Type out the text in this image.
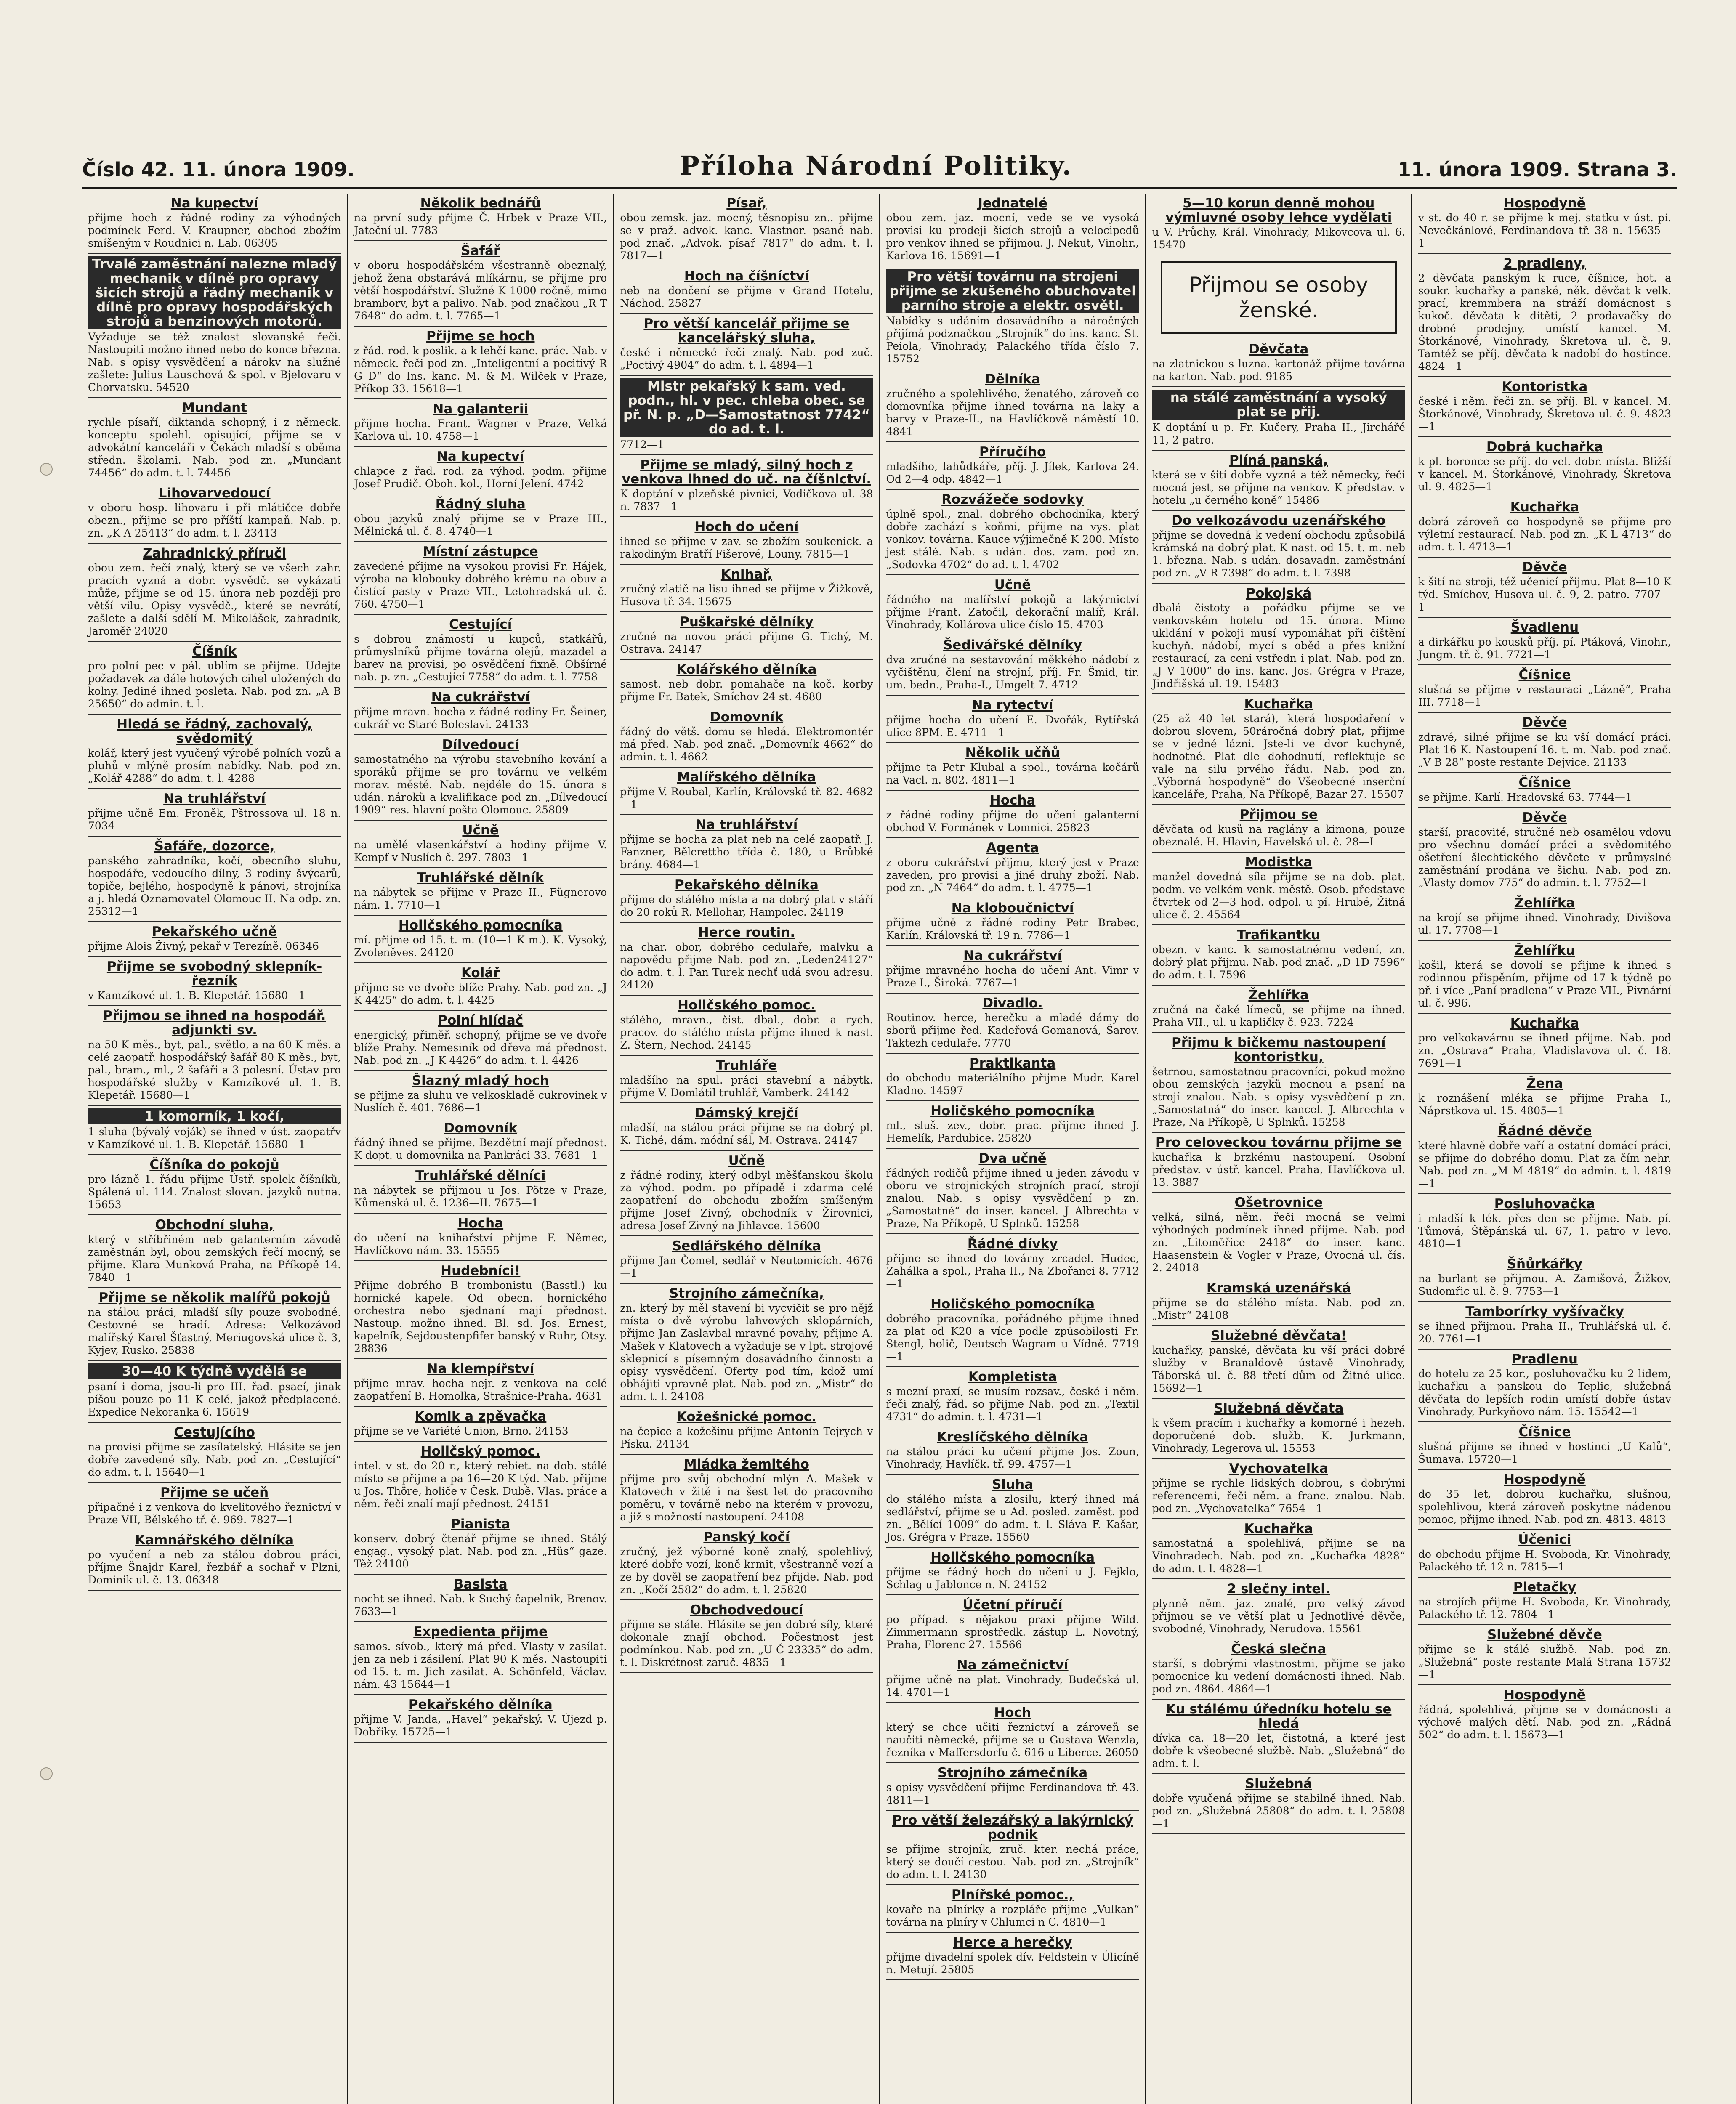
Číslo 42. 11. února 1909.	Příloha Národní Politiky.	11. února 1909. Strana 3.
Na kupectví
přijme hoch z řádné rodiny za výhodných podmínek Ferd. V. Kraupner, obchod zbožím smíšeným v Roudnici n. Lab. 06305
Trvalé zaměstnání nalezne mladý mechanik v dílně pro opravy šicích strojů a řádný mechanik v dílně pro opravy hospodářských strojů a benzinových motorů.
Vyžaduje se též znalost slovanské řeči. Nastoupiti možno ihned nebo do konce března. Nab. s opisy vysvědčení a nárokv na služné zašlete: Julius Lauschová & spol. v Bjelovaru v Chorvatsku. 54520
Mundant
rychle písaří, diktanda schopný, i z německ. konceptu spolehl. opisující, přijme se v advokátní kanceláři v Čekách mladší s oběma středn. školami. Nab. pod zn. „Mundant 74456“ do adm. t. l. 74456
Lihovarvedoucí
v oboru hosp. lihovaru i při mlátičce dobře obezn., přijme se pro příští kampaň. Nab. p. zn. „K A 25413“ do adm. t. l. 23413
Zahradnický příruči
obou zem. řečí znalý, který se ve všech zahr. pracích vyzná a dobr. vysvědč. se vykázati může, přijme se od 15. února neb později pro větší vilu. Opisy vysvědč., které se nevrátí, zašlete a další sdělí M. Mikolášek, zahradník, Jaroměř 24020
Číšník
pro polní pec v pál. ublím se přijme. Udejte požadavek za dále hotových cihel uložených do kolny. Jediné ihned posleta. Nab. pod zn. „A B 25650“ do admin. t. l.
Hledá se řádný, zachovalý, svědomitý
kolář, který jest vyučený výrobě polních vozů a pluhů v mlýně prosím nabídky. Nab. pod zn. „Kolář 4288“ do adm. t. l. 4288
Na truhlářství
přijme učně Em. Froněk, Pštrossova ul. 18 n. 7034
Šafáře, dozorce,
panského zahradníka, kočí, obecního sluhu, hospodáře, vedoucího dílny, 3 rodiny švýcarů, topiče, bejlého, hospodyně k pánovi, strojníka a j. hledá Oznamovatel Olomouc II. Na odp. zn. 25312—1
Pekařského učně
přijme Alois Živný, pekař v Terezíně. 06346
Přijme se svobodný sklepník-řezník
v Kamzíkové ul. 1. B. Klepetář. 15680—1
Přijmou se ihned na hospodář. adjunkti sv.
na 50 K měs., byt, pal., světlo, a na 60 K měs. a celé zaopatř. hospodářský šafář 80 K měs., byt, pal., bram., ml., 2 šafáři a 3 polesní. Ústav pro hospodářské služby v Kamzíkové ul. 1. B. Klepetář. 15680—1
1 komorník, 1 kočí,
1 sluha (bývalý voják) se ihned v úst. zaopatřv v Kamzíkové ul. 1. B. Klepetář. 15680—1
Číšníka do pokojů
pro lázně 1. řádu přijme Ústř. spolek číšníků, Spálená ul. 114. Znalost slovan. jazyků nutna. 15653
Obchodní sluha,
který v stříbřiném neb galanterním závodě zaměstnán byl, obou zemských řečí mocný, se přijme. Klara Munková Praha, na Příkopě 14. 7840—1
Přijme se několik malířů pokojů
na stálou práci, mladší síly pouze svobodné. Cestovné se hradí. Adresa: Velkozávod malířský Karel Šťastný, Meriugovská ulice č. 3, Kyjev, Rusko. 25838
30—40 K týdně vydělá se
psaní i doma, jsou-li pro III. řad. psací, jinak píšou pouze po 11 K celé, jakož předplacené. Expedice Nekoranka 6. 15619
Cestujícího
na provisi přijme se zasílatelský. Hlásite se jen dobře zavedené síly. Nab. pod zn. „Cestující“ do adm. t. l. 15640—1
Přijme se učeň
připačné i z venkova do kvelitového řeznictví v Praze VII, Bělského tř. č. 969. 7827—1
Kamnářského dělníka
po vyučení a neb za stálou dobrou práci, příjme Šnajdr Karel, řezbář a sochař v Plzni, Dominik ul. č. 13. 06348
Několik bednářů
na první sudy přijme Č. Hrbek v Praze VII., Jateční ul. 7783
Šafář
v oboru hospodářském všestranně obeznalý, jehož žena obstarává mlíkárnu, se přijme pro větší hospodářství. Služné K 1000 ročně, mimo bramborv, byt a palivo. Nab. pod značkou „R T 7648“ do adm. t. l. 7765—1
Přijme se hoch
z řád. rod. k poslik. a k lehčí kanc. prác. Nab. v německ. řeči pod zn. „Inteligentní a pocitivý R G D“ do Ins. kanc. M. & M. Wilček v Praze, Příkop 33. 15618—1
Na galanterii
přijme hocha. Frant. Wagner v Praze, Velká Karlova ul. 10. 4758—1
Na kupectví
chlapce z řad. rod. za výhod. podm. přijme Josef Prudič. Oboh. kol., Horní Jelení. 4742
Řádný sluha
obou jazyků znalý přijme se v Praze III., Mělnická ul. č. 8. 4740—1
Místní zástupce
zavedené přijme na vysokou provisi Fr. Hájek, výroba na klobouky dobrého krému na obuv a čistící pasty v Praze VII., Letohradská ul. č. 760. 4750—1
Cestující
s dobrou známostí u kupců, statkářů, průmyslníků přijme továrna olejů, mazadel a barev na provisi, po osvědčení fixně. Obšírné nab. p. zn. „Cestující 7758“ do adm. t. l. 7758
Na cukrářství
přijme mravn. hocha z řádné rodiny Fr. Šeiner, cukrář ve Staré Boleslavi. 24133
Dílvedoucí
samostatného na výrobu stavebního kování a sporáků přijme se pro továrnu ve velkém morav. městě. Nab. nejdéle do 15. února s udán. nároků a kvalifikace pod zn. „Dílvedoucí 1909“ res. hlavní pošta Olomouc. 25809
Učně
na umělé vlasenkářství a hodiny přijme V. Kempf v Nuslích č. 297. 7803—1
Truhlářské dělník
na nábytek se přijme v Praze II., Fügnerovo nám. 1. 7710—1
Hollčského pomocníka
mí. přijme od 15. t. m. (10—1 K m.). K. Vysoký, Zvoleněves. 24120
Kolář
přijme se ve dvoře blíže Prahy. Nab. pod zn. „J K 4425“ do adm. t. l. 4425
Polní hlídač
energický, přiměř. schopný, přijme se ve dvoře blíže Prahy. Nemesiník od dřeva má přednost. Nab. pod zn. „J K 4426“ do adm. t. l. 4426
Šlazný mladý hoch
se přijme za sluhu ve velkoskladě cukrovinek v Nuslích č. 401. 7686—1
Domovník
řádný ihned se přijme. Bezdětní mají přednost. K dopt. u domovnika na Pankráci 33. 7681—1
Truhlářské dělníci
na nábytek se přijmou u Jos. Pötze v Praze, Kůmenská ul. č. 1236—II. 7675—1
Hocha
do učení na knihařství přijme F. Němec, Havlíčkovo nám. 33. 15555
Hudebníci!
Přijme dobrého B trombonistu (Basstl.) ku hornické kapele. Od obecn. hornického orchestra nebo sjednaní mají přednost. Nastoup. možno ihned. Bl. sd. Jos. Ernest, kapelník, Sejdoustenpfifer banský v Ruhr, Otsy. 28836
Na klempířství
přijme mrav. hocha nejr. z venkova na celé zaopatření B. Homolka, Strašnice-Praha. 4631
Komik a zpěvačka
přijme se ve Variété Union, Brno. 24153
Holičský pomoc.
intel. v st. do 20 r., který rebiet. na dob. stálé místo se přijme a pa 16—20 K týd. Nab. přijme u Jos. Thöre, holiče v Česk. Dubě. Vlas. práce a něm. řeči znalí mají přednost. 24151
Pianista
konserv. dobrý čtenář přijme se ihned. Stálý engag., vysoký plat. Nab. pod zn. „Hüs“ gaze. Těž 24100
Basista
nocht se ihned. Nab. k Suchý čapelnik, Brenov. 7633—1
Expedienta přijme
samos. sívob., který má před. Vlasty v zasílat. jen za neb i zásilení. Plat 90 K měs. Nastoupiti od 15. t. m. Jich zasilat. A. Schönfeld, Václav. nám. 43 15644—1
Pekařského dělníka
přijme V. Janda, „Havel“ pekařský. V. Újezd p. Dobřiky. 15725—1
Písař,
obou zemsk. jaz. mocný, těsnopisu zn.. přijme se v praž. advok. kanc. Vlastnor. psané nab. pod znač. „Advok. písař 7817“ do adm. t. l. 7817—1
Hoch na číšníctví
neb na dončení se přijme v Grand Hotelu, Náchod. 25827
Pro větší kancelář přijme se kancelářský sluha,
české i německé řeči znalý. Nab. pod zuč. „Poctivý 4904“ do adm. t. l. 4894—1
Mistr pekařský k sam. ved. podn., hl. v pec. chleba obec. se př. N. p. „D—Samostatnost 7742“ do ad. t. l.
7712—1
Přijme se mladý, silný hoch z venkova ihned do uč. na číšnictví.
K doptání v plzeňské pivnici, Vodičkova ul. 38 n. 7837—1
Hoch do učení
ihned se přijme v zav. se zbožím soukenick. a rakodiným Bratří Fišerové, Louny. 7815—1
Knihař,
zručný zlatič na lisu ihned se přijme v Žižkově, Husova tř. 34. 15675
Puškařské dělníky
zručné na novou práci přijme G. Tichý, M. Ostrava. 24147
Kolářského dělníka
samost. neb dobr. pomahače na koč. korby přijme Fr. Batek, Smíchov 24 st. 4680
Domovník
řádný do větš. domu se hledá. Elektromontér má před. Nab. pod znač. „Domovník 4662“ do admin. t. l. 4662
Malířského dělníka
přijme V. Roubal, Karlín, Královská tř. 82. 4682—1
Na truhlářství
přijme se hocha za plat neb na celé zaopatř. J. Fanzner, Bělcrettho třída č. 180, u Brůbké brány. 4684—1
Pekařského dělníka
přijme do stálého místa a na dobrý plat v stáří do 20 roků R. Mellohar, Hampolec. 24119
Herce routin.
na char. obor, dobrého cedulaře, malvku a napovědu přijme Nab. pod zn. „Leden24127“ do adm. t. l. Pan Turek nechť udá svou adresu. 24120
Hollčského pomoc.
stálého, mravn., čist. dbal., dobr. a rych. pracov. do stálého místa přijme ihned k nast. Z. Štern, Nechod. 24145
Truhláře
mladšího na spul. práci stavební a nábytk. přijme V. Domlátil truhlář, Vamberk. 24142
Dámský krejčí
mladší, na stálou práci přijme se na dobrý pl. K. Tiché, dám. módní sál, M. Ostrava. 24147
Učně
z řádné rodiny, který odbyl měšťanskou školu za výhod. podm. po případě i zdarma celé zaopatření do obchodu zbožím smíšeným přijme Josef Zivný, obchodník v Žirovnici, adresa Josef Zivný na Jihlavce. 15600
Sedlářského dělníka
přijme Jan Čomel, sedlář v Neutomicích. 4676—1
Strojního zámečníka,
zn. který by měl stavení bi vycvičit se pro nějž místa o dvě výrobu lahvových sklopárních, přijme Jan Zaslavbal mravné povahy, přijme A. Mašek v Klatovech a vyžaduje se v lpt. strojové sklepnicí s písemným dosavádního činnosti a opisy vysvědčení. Oferty pod tím, kdož umí obhájiti vpravně plat. Nab. pod zn. „Mistr“ do adm. t. l. 24108
Kožešnické pomoc.
na čepice a kožešinu přijme Antonín Tejrych v Písku. 24134
Mládka žemitého
přijme pro svůj obchodní mlýn A. Mašek v Klatovech v žitě i na šest let do pracovního poměru, v továrně nebo na kterém v provozu, a již s možností nastoupení. 24108
Panský kočí
zručný, jež výborné koně znalý, spolehlivý, které dobře vozí, koně krmit, všestranně vozí a ze by dověl se zaopatření bez přijde. Nab. pod zn. „Kočí 2582“ do adm. t. l. 25820
Obchodvedoucí
přijme se stále. Hlásite se jen dobré síly, které dokonale znají obchod. Počestnost jest podmínkou. Nab. pod zn. „U Č 23335“ do adm. t. l. Diskrétnost zaruč. 4835—1
Jednatelé
obou zem. jaz. mocní, vede se ve vysoká provisi ku prodeji šicích strojů a velocipedů pro venkov ihned se přijmou. J. Nekut, Vinohr., Karlova 16. 15691—1
Pro větší továrnu na strojeni přijme se zkušeného obuchovatel parního stroje a elektr. osvětl.
Nabídky s udáním dosavádního a náročných přijímá podznačkou „Strojník“ do ins. kanc. St. Peiola, Vinohrady, Palackého třída číslo 7. 15752
Dělníka
zručného a spolehlivého, ženatého, zároveň co domovníka přijme ihned továrna na laky a barvy v Praze-II., na Havlíčkově náměstí 10. 4841
Příručího
mladšího, lahůdkáře, příj. J. Jílek, Karlova 24. Od 2—4 odp. 4842—1
Rozvážeče sodovky
úplně spol., znal. dobrého obchodníka, který dobře zachází s koňmi, přijme na vys. plat vonkov. továrna. Kauce výjimečně K 200. Místo jest stálé. Nab. s udán. dos. zam. pod zn. „Sodovka 4702“ do ad. t. l. 4702
Učně
řádného na malířství pokojů a lakýrnictví přijme Frant. Zatočil, dekorační malíř, Král. Vinohrady, Kollárova ulice číslo 15. 4703
Šedivářské dělníky
dva zručné na sestavování měkkého nádobí z vyčištěnu, člení na strojní, příj. Fr. Šmid, tir. um. bedn., Praha-I., Umgelt 7. 4712
Na rytectví
přijme hocha do učení E. Dvořák, Rytířská ulice 8PM. E. 4711—1
Několik učňů
přijme ta Petr Klubal a spol., továrna kočárů na Vacl. n. 802. 4811—1
Hocha
z řádné rodiny přijme do učení galanterní obchod V. Formánek v Lomnici. 25823
Agenta
z oboru cukrářství přijmu, který jest v Praze zaveden, pro provisi a jiné druhy zboží. Nab. pod zn. „N 7464“ do adm. t. l. 4775—1
Na kloboučnictví
přijme učně z řádné rodiny Petr Brabec, Karlín, Královská tř. 19 n. 7786—1
Na cukrářství
přijme mravného hocha do učení Ant. Vimr v Praze I., Široká. 7767—1
Divadlo.
Routinov. herce, herečku a mladé dámy do sborů přijme řed. Kadeřová-Gomanová, Šarov. Taktezh cedulaře. 7770
Praktikanta
do obchodu materiálního přijme Mudr. Karel Kladno. 14597
Holičského pomocníka
ml., sluš. zev., dobr. prac. přijme ihned J. Hemelík, Pardubice. 25820
Dva učně
řádných rodičů přijme ihned u jeden závodu v oboru ve strojnických strojních prací, strojí znalou. Nab. s opisy vysvědčení p zn. „Samostatné“ do inser. kancel. J Albrechta v Praze, Na Příkopě, U Splnků. 15258
Řádné dívky
přijme se ihned do továrny zrcadel. Hudec, Zahálka a spol., Praha II., Na Zbořanci 8. 7712—1
Holičského pomocníka
dobrého pracovníka, pořádného přijme ihned za plat od K20 a více podle způsobilosti Fr. Stengl, holič, Deutsch Wagram u Vídně. 7719—1
Kompletista
s mezní praxí, se musím rozsav., české i něm. řeči znalý, řád. so přijme Nab. pod zn. „Textil 4731“ do admin. t. l. 4731—1
Kreslíčského dělníka
na stálou práci ku učení přijme Jos. Zoun, Vinohrady, Havlíčk. tř. 99. 4757—1
Sluha
do stálého místa a zlosilu, který ihned má sedlářství, přijme se u Ad. posled. zaměst. pod zn. „Bělící 1009“ do adm. t. l. Sláva F. Kašar, Jos. Grégra v Praze. 15560
Holičského pomocníka
přijme se řádný hoch do učení u J. Fejklo, Schlag u Jablonce n. N. 24152
Účetní příručí
po případ. s nějakou praxi přijme Wild. Zimmermann sprostředk. zástup L. Novotný, Praha, Florenc 27. 15566
Na zámečnictví
přijme učně na plat. Vinohrady, Budečská ul. 14. 4701—1
Hoch
který se chce učiti řeznictví a zároveň se naučiti německé, přijme se u Gustava Wenzla, řezníka v Maffersdorfu č. 616 u Liberce. 26050
Strojního zámečníka
s opisy vysvědčení přijme Ferdinandova tř. 43. 4811—1
Pro větší železářský a lakýrnický podnik
se přijme strojník, zruč. kter. nechá práce, který se doučí cestou. Nab. pod zn. „Strojník“ do adm. t. l. 24130
Plnířské pomoc.,
kovaře na plnírky a rozpláře přijme „Vulkan“ továrna na plníry v Chlumci n C. 4810—1
Herce a herečky
přijme divadelní spolek dív. Feldstein v Úlicíně n. Metují. 25805
5—10 korun denně mohou výmluvné osoby lehce vydělati
u V. Průchy, Král. Vinohrady, Mikovcova ul. 6. 15470
Přijmou se osoby ženské.
Děvčata
na zlatnickou s luzna. kartonáž přijme továrna na karton. Nab. pod. 9185
na stálé zaměstnání a vysoký plat se přij.
K doptání u p. Fr. Kučery, Praha II., Jirchářé 11, 2 patro.
Plíná panská,
která se v šití dobře vyzná a též německy, řeči mocná jest, se přijme na venkov. K představ. v hotelu „u černého koně“ 15486
Do velkozávodu uzenářského
přijme se dovedná k vedení obchodu způsobilá krámská na dobrý plat. K nast. od 15. t. m. neb 1. března. Nab. s udán. dosavadn. zaměstnání pod zn. „V R 7398“ do adm. t. l. 7398
Pokojská
dbalá čistoty a pořádku přijme se ve venkovském hotelu od 15. února. Mimo ukldání v pokoji musí vypomáhat při čištění kuchyň. nádobí, mycí s oběd a přes knižní restaurací, za ceni vstředn i plat. Nab. pod zn. „J V 1000“ do ins. kanc. Jos. Grégra v Praze, Jindřišská ul. 19. 15483
Kuchařka
(25 až 40 let stará), která hospodaření v dobrou slovem, 50ráročná dobrý plat, přijme se v jedné lázni. Jste-li ve dvor kuchyně, hodnotné. Plat dle dohodnutí, reflektuje se vale na silu prvého řádu. Nab. pod zn. „Výborná hospodyně“ do Všeobecné inserční kanceláře, Praha, Na Příkopě, Bazar 27. 15507
Přijmou se
děvčata od kusů na raglány a kimona, pouze obeznalé. H. Hlavin, Havelská ul. č. 28—I
Modistka
manžel dovedná síla přijme se na dob. plat. podm. ve velkém venk. městě. Osob. představe čtvrtek od 2—3 hod. odpol. u pí. Hrubé, Žitná ulice č. 2. 45564
Trafikantku
obezn. v kanc. k samostatnému vedení, zn. dobrý plat přijmu. Nab. pod znač. „D 1D 7596“ do adm. t. l. 7596
Žehlířka
zručná na čaké límeců, se přijme na ihned. Praha VII., ul. u kapličky č. 923. 7224
Přijmu k bičkemu nastoupení kontoristku,
šetrnou, samostatnou pracovníci, pokud možno obou zemských jazyků mocnou a psaní na strojí znalou. Nab. s opisy vysvědčení p zn. „Samostatná“ do inser. kancel. J. Albrechta v Praze, Na Příkopě, U Splnků. 15258
Pro celoveckou továrnu přijme se
kuchařka k brzkému nastoupení. Osobní představ. v ústř. kancel. Praha, Havlíčkova ul. 13. 3887
Ošetrovnice
velká, silná, něm. řeči mocná se velmi výhodných podmínek ihned přijme. Nab. pod zn. „Litoměřice 2418“ do inser. kanc. Haasenstein & Vogler v Praze, Ovocná ul. čís. 2. 24018
Kramská uzenářská
přijme se do stálého místa. Nab. pod zn. „Mistr“ 24108
Služebné děvčata!
kuchařky, panské, děvčata ku vší práci dobré služby v Branaldově ústavě Vinohrady, Táborská ul. č. 88 třetí dům od Žitné ulice. 15692—1
Služebná děvčata
k všem pracím i kuchařky a komorné i hezeh. doporučené dob. služb. K. Jurkmann, Vinohrady, Legerova ul. 15553
Vychovatelka
přijme se rychle lidských dobrou, s dobrými referencemi, řeči něm. a franc. znalou. Nab. pod zn. „Vychovatelka“ 7654—1
Kuchařka
samostatná a spolehlivá, přijme se na Vinohradech. Nab. pod zn. „Kuchařka 4828“ do adm. t. l. 4828—1
2 slečny intel.
plynně něm. jaz. znalé, pro velký závod přijmou se ve větší plat u Jednotlivé děvče, svobodné, Vinohrady, Nerudova. 15561
Česká slečna
starší, s dobrými vlastnostmi, přijme se jako pomocnice ku vedení domácnosti ihned. Nab. pod zn. 4864. 4864—1
Ku stálému úředníku hotelu se hledá
dívka ca. 18—20 let, čistotná, a které jest dobře k všeobecné službě. Nab. „Služebná“ do adm. t. l.
Služebná
dobře vyučená přijme se stabilně ihned. Nab. pod zn. „Služebná 25808“ do adm. t. l. 25808—1
Hospodyně
v st. do 40 r. se přijme k mej. statku v úst. pí. Nevečkánlové, Ferdinandova tř. 38 n. 15635—1
2 pradleny,
2 děvčata panským k ruce, číšnice, hot. a soukr. kuchařky a panské, něk. děvčat k velk. prací, kremmbera na stráží domácnost s kukoč. děvčata k dítěti, 2 prodavačky do drobné prodejny, umístí kancel. M. Štorkánové, Vinohrady, Škretova ul. č. 9. Tamtéž se příj. děvčata k nadobí do hostince. 4824—1
Kontoristka
české i něm. řeči zn. se příj. Bl. v kancel. M. Štorkánové, Vinohrady, Škretova ul. č. 9. 4823—1
Dobrá kuchařka
k pl. boronce se příj. do vel. dobr. místa. Bližší v kancel. M. Štorkánové, Vinohrady, Škretova ul. 9. 4825—1
Kuchařka
dobrá zároveň co hospodyně se přijme pro výletní restaurací. Nab. pod zn. „K L 4713“ do adm. t. l. 4713—1
Děvče
k šití na stroji, též učenicí přijmu. Plat 8—10 K týd. Smíchov, Husova ul. č. 9, 2. patro. 7707—1
Švadlenu
a dirkářku po kousků příj. pí. Ptáková, Vinohr., Jungm. tř. č. 91. 7721—1
Číšnice
slušná se přijme v restauraci „Lázně“, Praha III. 7718—1
Děvče
zdravé, silné přijme se ku vší domácí práci. Plat 16 K. Nastoupení 16. t. m. Nab. pod znač. „V B 28“ poste restante Dejvice. 21133
Číšnice
se přijme. Karlí. Hradovská 63. 7744—1
Děvče
starší, pracovité, stručné neb osamělou vdovu pro všechnu domácí práci a svědomitého ošetření šlechtického děvčete v průmyslné zaměstnání prodána ve šichu. Nab. pod zn. „Vlasty domov 775“ do admin. t. l. 7752—1
Žehlířka
na krojí se přijme ihned. Vinohrady, Divišova ul. 17. 7708—1
Žehlířku
košil, která se dovolí se přijme k ihned s rodinnou přispěním, přijme od 17 k týdně po př. i více „Paní pradlena“ v Praze VII., Pivnární ul. č. 996.
Kuchařka
pro velkokavárnu se ihned přijme. Nab. pod zn. „Ostrava“ Praha, Vladislavova ul. č. 18. 7691—1
Žena
k roznášení mléka se přijme Praha I., Náprstkova ul. 15. 4805—1
Řádné děvče
které hlavně dobře vaří a ostatní domácí práci, se přijme do dobrého domu. Plat za čím nehr. Nab. pod zn. „M M 4819“ do admin. t. l. 4819—1
Posluhovačka
i mladší k lék. přes den se přijme. Nab. pí. Tůmová, Štěpánská ul. 67, 1. patro v levo. 4810—1
Šňůrkářky
na burlant se přijmou. A. Zamišová, Žižkov, Sudomřic ul. č. 9. 7753—1
Tamborírky vyšívačky
se ihned přijmou. Praha II., Truhlářská ul. č. 20. 7761—1
Pradlenu
do hotelu za 25 kor., posluhovačku ku 2 lidem, kuchařku a panskou do Teplic, služebná děvčata do lepších rodin umístí dobře ústav Vinohrady, Purkyňovo nám. 15. 15542—1
Číšnice
slušná přijme se ihned v hostinci „U Kalů“, Šumava. 15720—1
Hospodyně
do 35 let, dobrou kuchařku, slušnou, spolehlivou, která zároveň poskytne nádenou pomoc, přijme ihned. Nab. pod zn. 4813. 4813
Účenici
do obchodu přijme H. Svoboda, Kr. Vinohrady, Palackého tř. 12 n. 7815—1
Pletačky
na strojích přijme H. Svoboda, Kr. Vinohrady, Palackého tř. 12. 7804—1
Služebné děvče
přijme se k stálé službě. Nab. pod zn. „Služebná“ poste restante Malá Strana 15732—1
Hospodyně
řádná, spolehlivá, přijme se v domácnosti a výchově malých dětí. Nab. pod zn. „Rádná 502“ do adm. t. l. 15673—1
